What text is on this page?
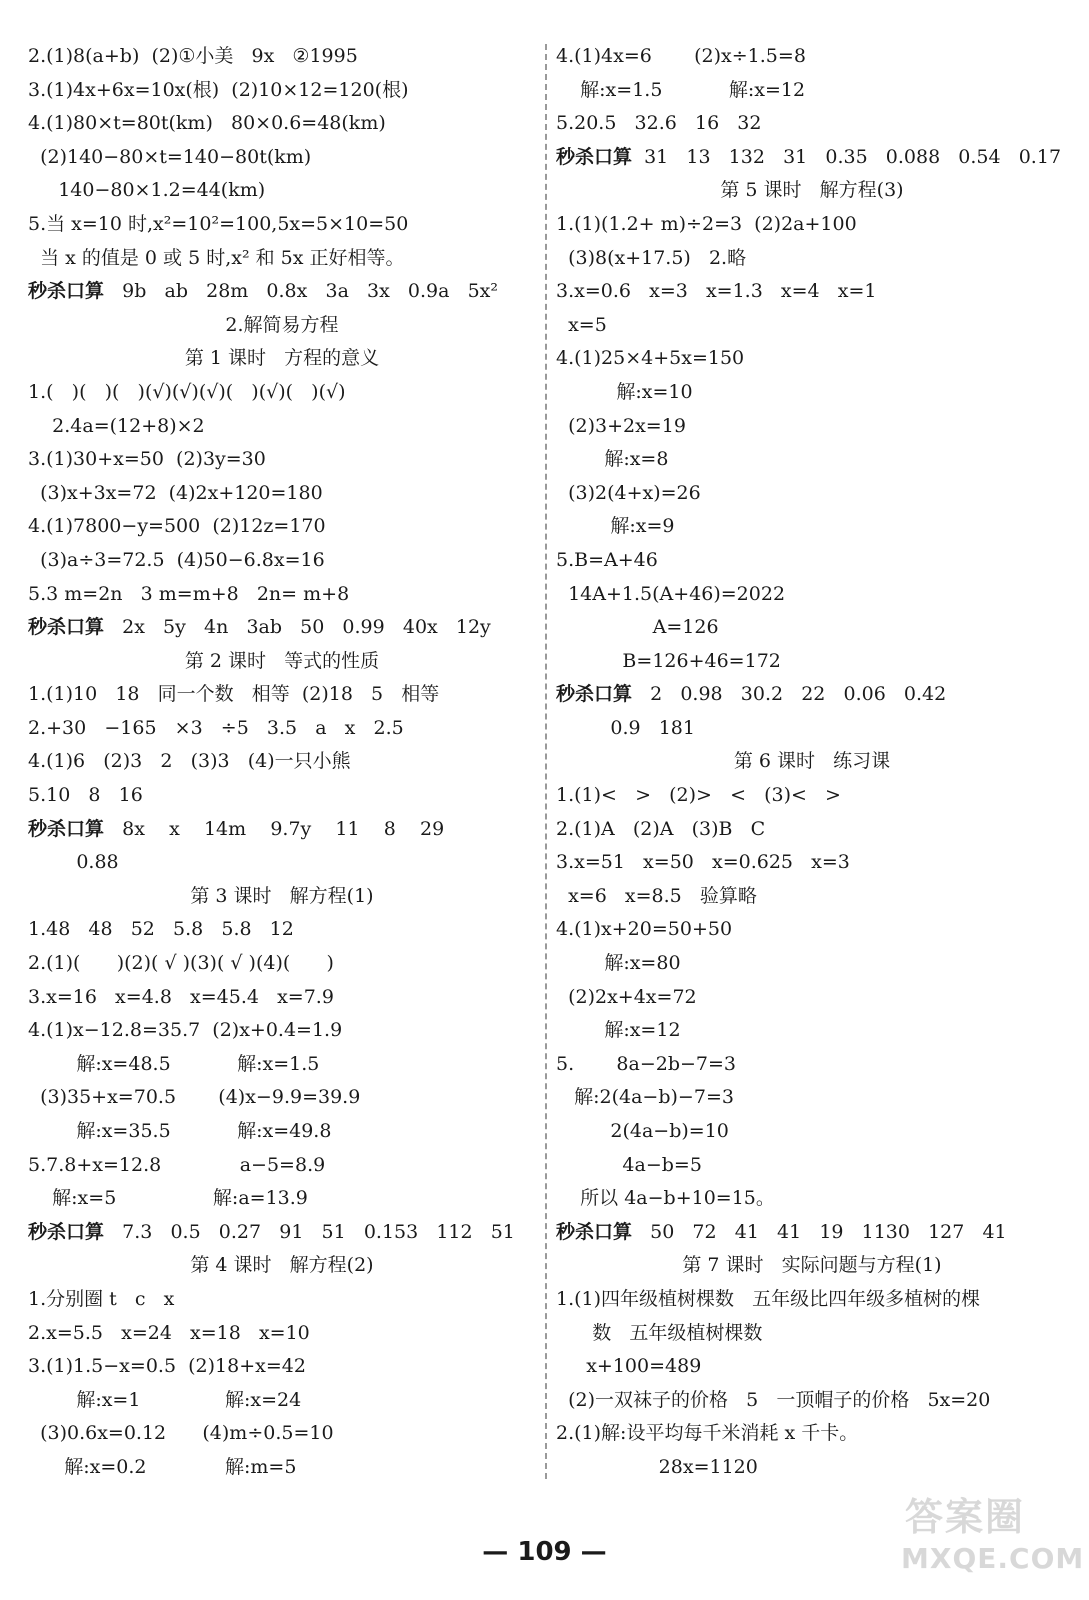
2.(1)8(a+b)  (2)①小美   9x   ②1995
3.(1)4x+6x=10x(根)  (2)10×12=120(根)
4.(1)80×t=80t(km)   80×0.6=48(km)
(2)140−80×t=140−80t(km)
140−80×1.2=44(km)
5.当 x=10 时,x²=10²=100,5x=5×10=50
当 x 的值是 0 或 5 时,x² 和 5x 正好相等。
秒杀口算   9b   ab   28m   0.8x   3a   3x   0.9a   5x²
2.解简易方程
第 1 课时   方程的意义
1.(   )(   )(   )(√)(√)(√)(   )(√)(   )(√)
2.4a=(12+8)×2
3.(1)30+x=50  (2)3y=30
(3)x+3x=72  (4)2x+120=180
4.(1)7800−y=500  (2)12z=170
(3)a÷3=72.5  (4)50−6.8x=16
5.3 m=2n   3 m=m+8   2n= m+8
秒杀口算   2x   5y   4n   3ab   50   0.99   40x   12y
第 2 课时   等式的性质
1.(1)10   18   同一个数   相等  (2)18   5   相等
2.+30   −165   ×3   ÷5   3.5   a   x   2.5
4.(1)6   (2)3   2   (3)3   (4)一只小熊
5.10   8   16
秒杀口算   8x    x    14m    9.7y    11    8    29
0.88
第 3 课时   解方程(1)
1.48   48   52   5.8   5.8   12
2.(1)(      )(2)( √ )(3)( √ )(4)(      )
3.x=16   x=4.8   x=45.4   x=7.9
4.(1)x−12.8=35.7  (2)x+0.4=1.9
解:x=48.5           解:x=1.5
(3)35+x=70.5       (4)x−9.9=39.9
解:x=35.5           解:x=49.8
5.7.8+x=12.8             a−5=8.9
解:x=5                解:a=13.9
秒杀口算   7.3   0.5   0.27   91   51   0.153   112   51
第 4 课时   解方程(2)
1.分别圈 t   c   x
2.x=5.5   x=24   x=18   x=10
3.(1)1.5−x=0.5  (2)18+x=42
解:x=1              解:x=24
(3)0.6x=0.12      (4)m÷0.5=10
解:x=0.2             解:m=5
4.(1)4x=6       (2)x÷1.5=8
解:x=1.5           解:x=12
5.20.5   32.6   16   32
秒杀口算  31   13   132   31   0.35   0.088   0.54   0.17
第 5 课时   解方程(3)
1.(1)(1.2+ m)÷2=3  (2)2a+100
(3)8(x+17.5)   2.略
3.x=0.6   x=3   x=1.3   x=4   x=1
x=5
4.(1)25×4+5x=150
解:x=10
(2)3+2x=19
解:x=8
(3)2(4+x)=26
解:x=9
5.B=A+46
14A+1.5(A+46)=2022
A=126
B=126+46=172
秒杀口算   2   0.98   30.2   22   0.06   0.42
0.9   181
第 6 课时   练习课
1.(1)<   >   (2)>   <   (3)<   >
2.(1)A   (2)A   (3)B   C
3.x=51   x=50   x=0.625   x=3
x=6   x=8.5   验算略
4.(1)x+20=50+50
解:x=80
(2)2x+4x=72
解:x=12
5.       8a−2b−7=3
解:2(4a−b)−7=3
2(4a−b)=10
4a−b=5
所以 4a−b+10=15。
秒杀口算   50   72   41   41   19   1130   127   41
第 7 课时   实际问题与方程(1)
1.(1)四年级植树棵数   五年级比四年级多植树的棵
数   五年级植树棵数
x+100=489
(2)一双袜子的价格   5   一顶帽子的价格   5x=20
2.(1)解:设平均每千米消耗 x 千卡。
28x=1120
— 109 —
答案圈
MXQE.COM
